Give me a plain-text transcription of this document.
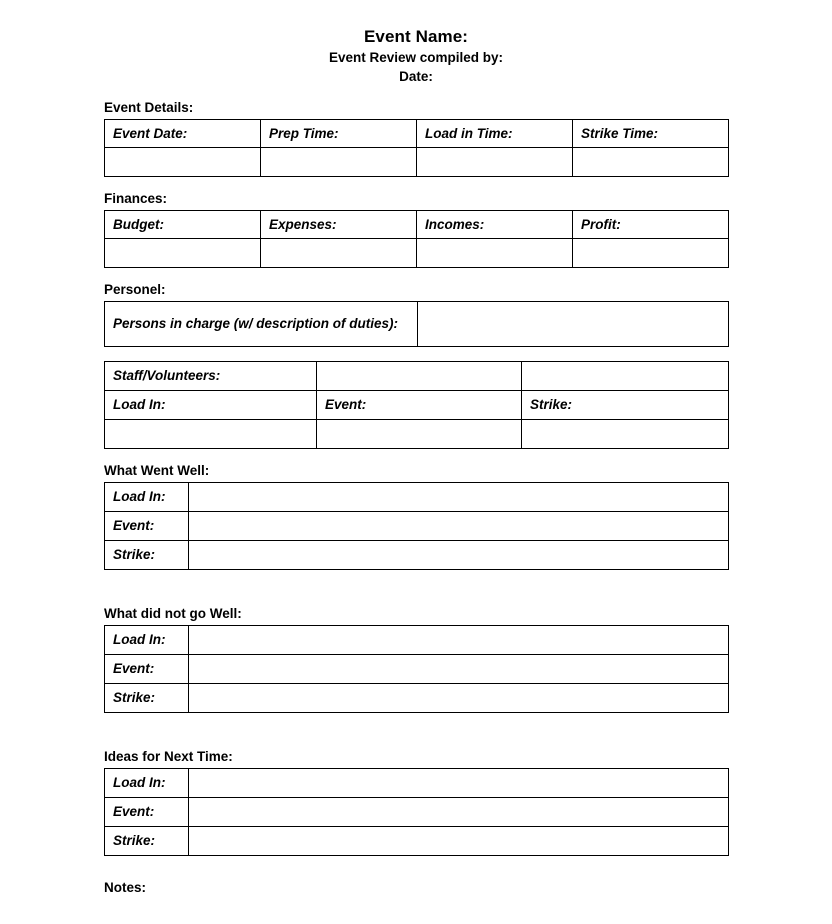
Event Name:
Event Review compiled by:
Date:
Event Details:
Event Date:	Prep Time:	Load in Time:	Strike Time:

Finances:
Budget:	Expenses:	Incomes:	Profit:

Personel:
Persons in charge (w/ description of duties):	
Staff/Volunteers:		
Load In:	Event:	Strike:

What Went Well:
Load In:	
Event:	
Strike:	
What did not go Well:
Load In:	
Event:	
Strike:	
Ideas for Next Time:
Load In:	
Event:	
Strike:	
Notes:
